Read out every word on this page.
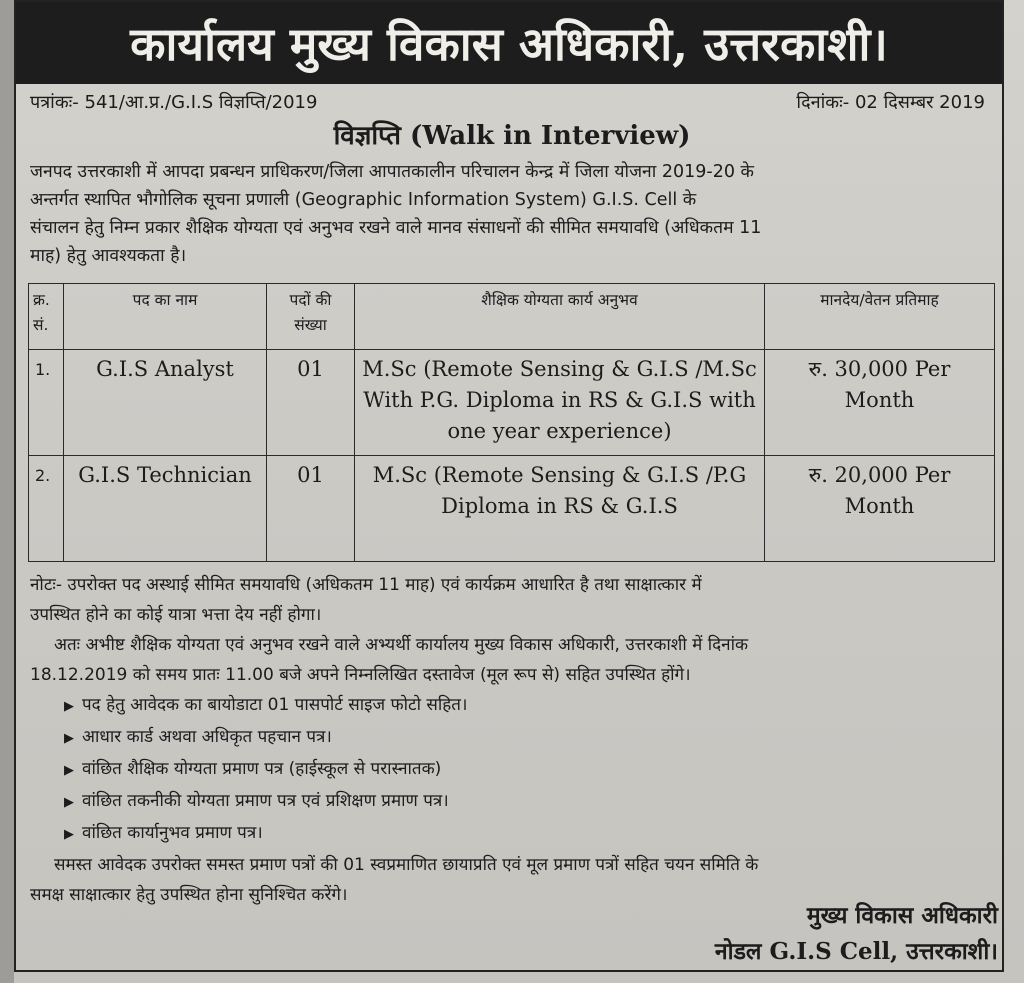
कार्यालय मुख्य विकास अधिकारी, उत्तरकाशी।
पत्रांकः- 541/आ.प्र./G.I.S विज्ञप्ति/2019	दिनांकः- 02 दिसम्बर 2019
विज्ञप्ति (Walk in Interview)
जनपद उत्तरकाशी में आपदा प्रबन्धन प्राधिकरण/जिला आपातकालीन परिचालन केन्द्र में जिला योजना 2019-20 के
अन्तर्गत स्थापित भौगोलिक सूचना प्रणाली (Geographic Information System) G.I.S. Cell के
संचालन हेतु निम्न प्रकार शैक्षिक योग्यता एवं अनुभव रखने वाले मानव संसाधनों की सीमित समयावधि (अधिकतम 11
माह) हेतु आवश्यकता है।
क्र. सं.	पद का नाम	पदों की संख्या	शैक्षिक योग्यता कार्य अनुभव	मानदेय/वेतन प्रतिमाह
1.	G.I.S Analyst	01	M.Sc (Remote Sensing & G.I.S /M.Sc With P.G. Diploma in RS & G.I.S with one year experience)	रु. 30,000 Per Month
2.	G.I.S Technician	01	M.Sc (Remote Sensing & G.I.S /P.G Diploma in RS & G.I.S	रु. 20,000 Per Month
नोटः- उपरोक्त पद अस्थाई सीमित समयावधि (अधिकतम 11 माह) एवं कार्यक्रम आधारित है तथा साक्षात्कार में
उपस्थित होने का कोई यात्रा भत्ता देय नहीं होगा।
अतः अभीष्ट शैक्षिक योग्यता एवं अनुभव रखने वाले अभ्यर्थी कार्यालय मुख्य विकास अधिकारी, उत्तरकाशी में दिनांक
18.12.2019 को समय प्रातः 11.00 बजे अपने निम्नलिखित दस्तावेज (मूल रूप से) सहित उपस्थित होंगे।
▶ पद हेतु आवेदक का बायोडाटा 01 पासपोर्ट साइज फोटो सहित।
▶ आधार कार्ड अथवा अधिकृत पहचान पत्र।
▶ वांछित शैक्षिक योग्यता प्रमाण पत्र (हाईस्कूल से परास्नातक)
▶ वांछित तकनीकी योग्यता प्रमाण पत्र एवं प्रशिक्षण प्रमाण पत्र।
▶ वांछित कार्यानुभव प्रमाण पत्र।
समस्त आवेदक उपरोक्त समस्त प्रमाण पत्रों की 01 स्वप्रमाणित छायाप्रति एवं मूल प्रमाण पत्रों सहित चयन समिति के
समक्ष साक्षात्कार हेतु उपस्थित होना सुनिश्चित करेंगे।
मुख्य विकास अधिकारी
नोडल G.I.S Cell, उत्तरकाशी।
